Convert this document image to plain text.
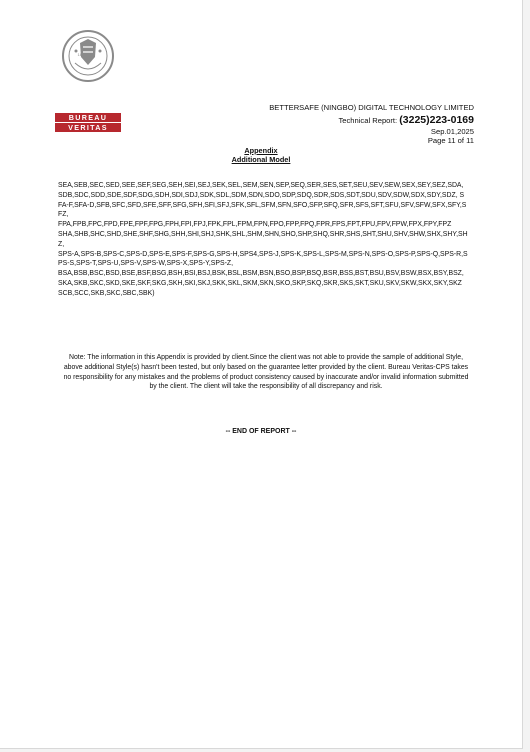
1828
BUREAU
VERITAS
BETTERSAFE (NINGBO) DIGITAL TECHNOLOGY LIMITED
Technical Report: (3225)223-0169
Sep.01,2025
Page 11 of 11
Appendix
Additional Model

SEA,SEB,SEC,SED,SEE,SEF,SEG,SEH,SEI,SEJ,SEK,SEL,SEM,SEN,SEP,SEQ,SER,SES,SET,SEU,SEV,SEW,SEX,SEY,SEZ,SDA,SDB,SDC,SDD,SDE,SDF,SDG,SDH,SDI,SDJ,SDK,SDL,SDM,SDN,SDO,SDP,SDQ,SDR,SDS,SDT,SDU,SDV,SDW,SDX,SDY,SDZ, SFA-F,SFA-D,SFB,SFC,SFD,SFE,SFF,SFG,SFH,SFI,SFJ,SFK,SFL,SFM,SFN,SFO,SFP,SFQ,SFR,SFS,SFT,SFU,SFV,SFW,SFX,SFY,SFZ,

FPA,FPB,FPC,FPD,FPE,FPF,FPG,FPH,FPI,FPJ,FPK,FPL,FPM,FPN,FPO,FPP,FPQ,FPR,FPS,FPT,FPU,FPV,FPW,FPX,FPY,FPZ

SHA,SHB,SHC,SHD,SHE,SHF,SHG,SHH,SHI,SHJ,SHK,SHL,SHM,SHN,SHO,SHP,SHQ,SHR,SHS,SHT,SHU,SHV,SHW,SHX,SHY,SHZ,

SPS-A,SPS-B,SPS-C,SPS-D,SPS-E,SPS-F,SPS-G,SPS-H,SPS4,SPS-J,SPS-K,SPS-L,SPS-M,SPS-N,SPS-O,SPS-P,SPS-Q,SPS-R,SPS-S,SPS-T,SPS-U,SPS-V,SPS-W,SPS-X,SPS-Y,SPS-Z,

BSA,BSB,BSC,BSD,BSE,BSF,BSG,BSH,BSI,BSJ,BSK,BSL,BSM,BSN,BSO,BSP,BSQ,BSR,BSS,BST,BSU,BSV,BSW,BSX,BSY,BSZ,

SKA,SKB,SKC,SKD,SKE,SKF,SKG,SKH,SKI,SKJ,SKK,SKL,SKM,SKN,SKO,SKP,SKQ,SKR,SKS,SKT,SKU,SKV,SKW,SKX,SKY,SKZ

SCB,SCC,SKB,SKC,SBC,SBK)

Note: The information in this Appendix is provided by client.Since the client was not able to provide the sample of additional Style, above additional Style(s) hasn't been tested, but only based on the guarantee letter provided by the client. Bureau Veritas-CPS takes no responsibility for any mistakes and the problems of product consistency caused by inaccurate and/or invalid information submitted by the client. The client will take the responsibility of all discrepancy and risk.
-- END OF REPORT --
